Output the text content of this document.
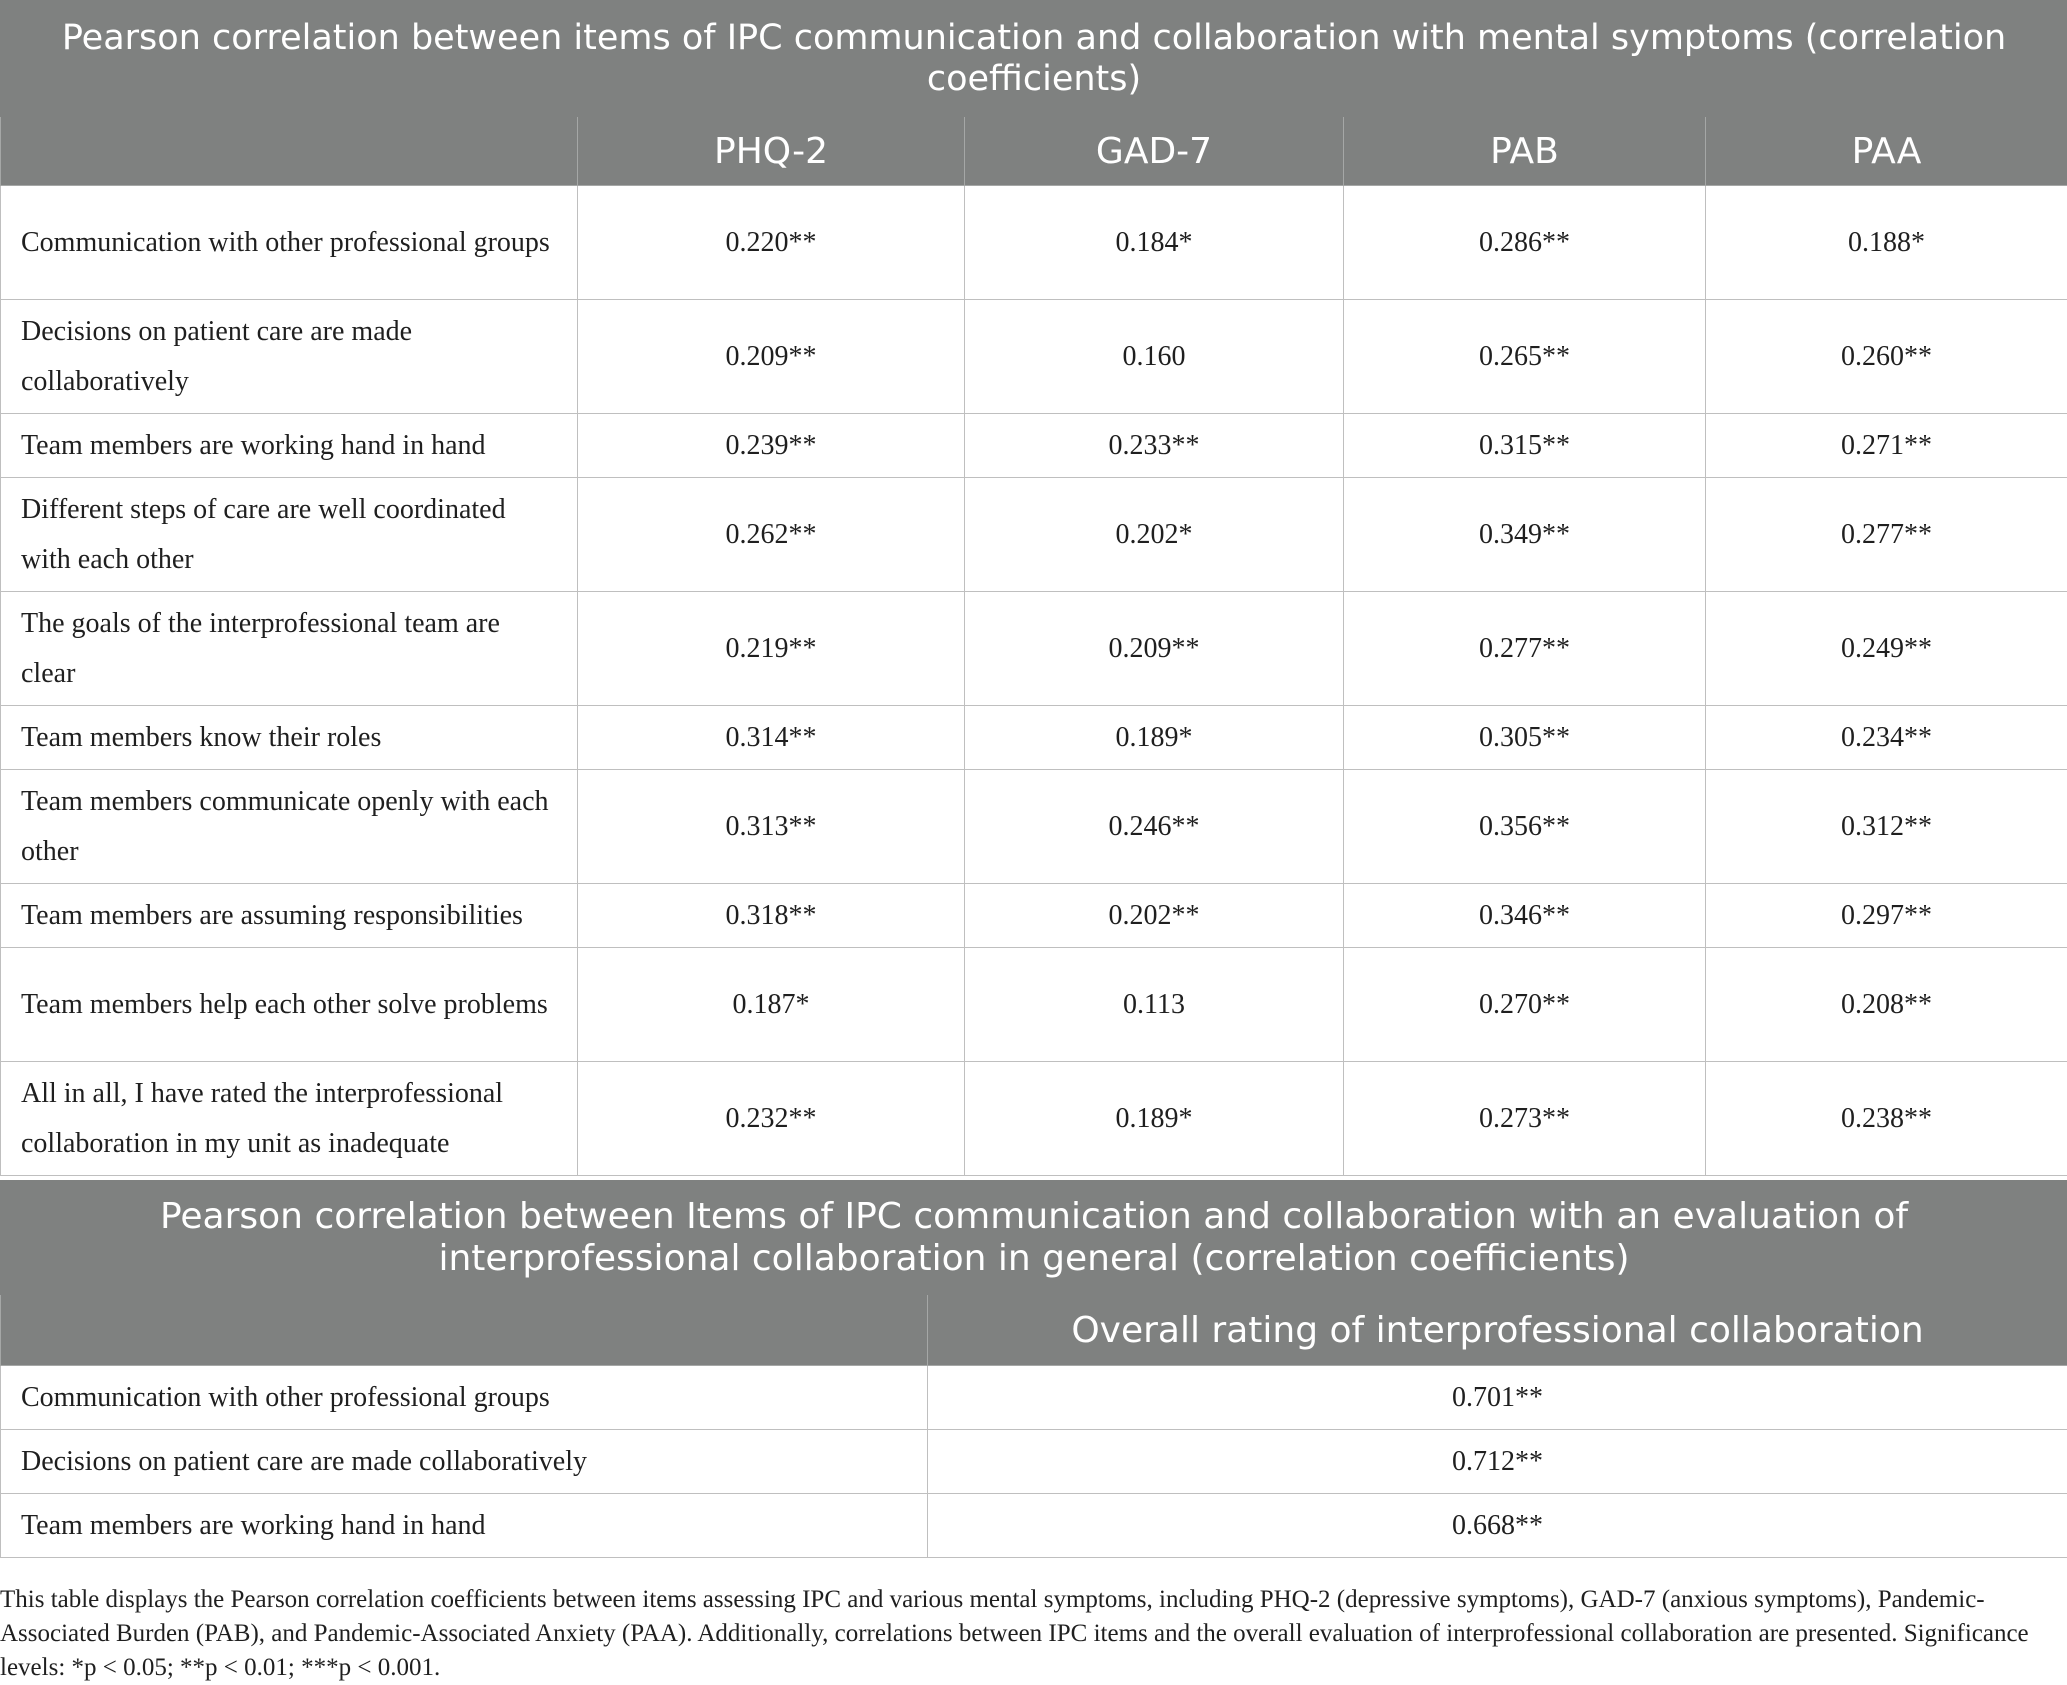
Pearson correlation between items of IPC communication and collaboration with mental symptoms (correlation coefficients)				
	PHQ-2	GAD-7	PAB	PAA
Communication with other professional groups	0.220**	0.184*	0.286**	0.188*
Decisions on patient care are made collaboratively	0.209**	0.160	0.265**	0.260**
Team members are working hand in hand	0.239**	0.233**	0.315**	0.271**
Different steps of care are well coordinated with each other	0.262**	0.202*	0.349**	0.277**
The goals of the interprofessional team are clear	0.219**	0.209**	0.277**	0.249**
Team members know their roles	0.314**	0.189*	0.305**	0.234**
Team members communicate openly with each other	0.313**	0.246**	0.356**	0.312**
Team members are assuming responsibilities	0.318**	0.202**	0.346**	0.297**
Team members help each other solve problems	0.187*	0.113	0.270**	0.208**
All in all, I have rated the interprofessional collaboration in my unit as inadequate	0.232**	0.189*	0.273**	0.238**
Pearson correlation between Items of IPC communication and collaboration with an evaluation of interprofessional collaboration in general (correlation coefficients)	
	Overall rating of interprofessional collaboration
Communication with other professional groups	0.701**
Decisions on patient care are made collaboratively	0.712**
Team members are working hand in hand	0.668**
This table displays the Pearson correlation coefficients between items assessing IPC and various mental symptoms, including PHQ-2 (depressive symptoms), GAD-7 (anxious symptoms), Pandemic-Associated Burden (PAB), and Pandemic-Associated Anxiety (PAA). Additionally, correlations between IPC items and the overall evaluation of interprofessional collaboration are presented. Significance levels: *p < 0.05; **p < 0.01; ***p < 0.001.
